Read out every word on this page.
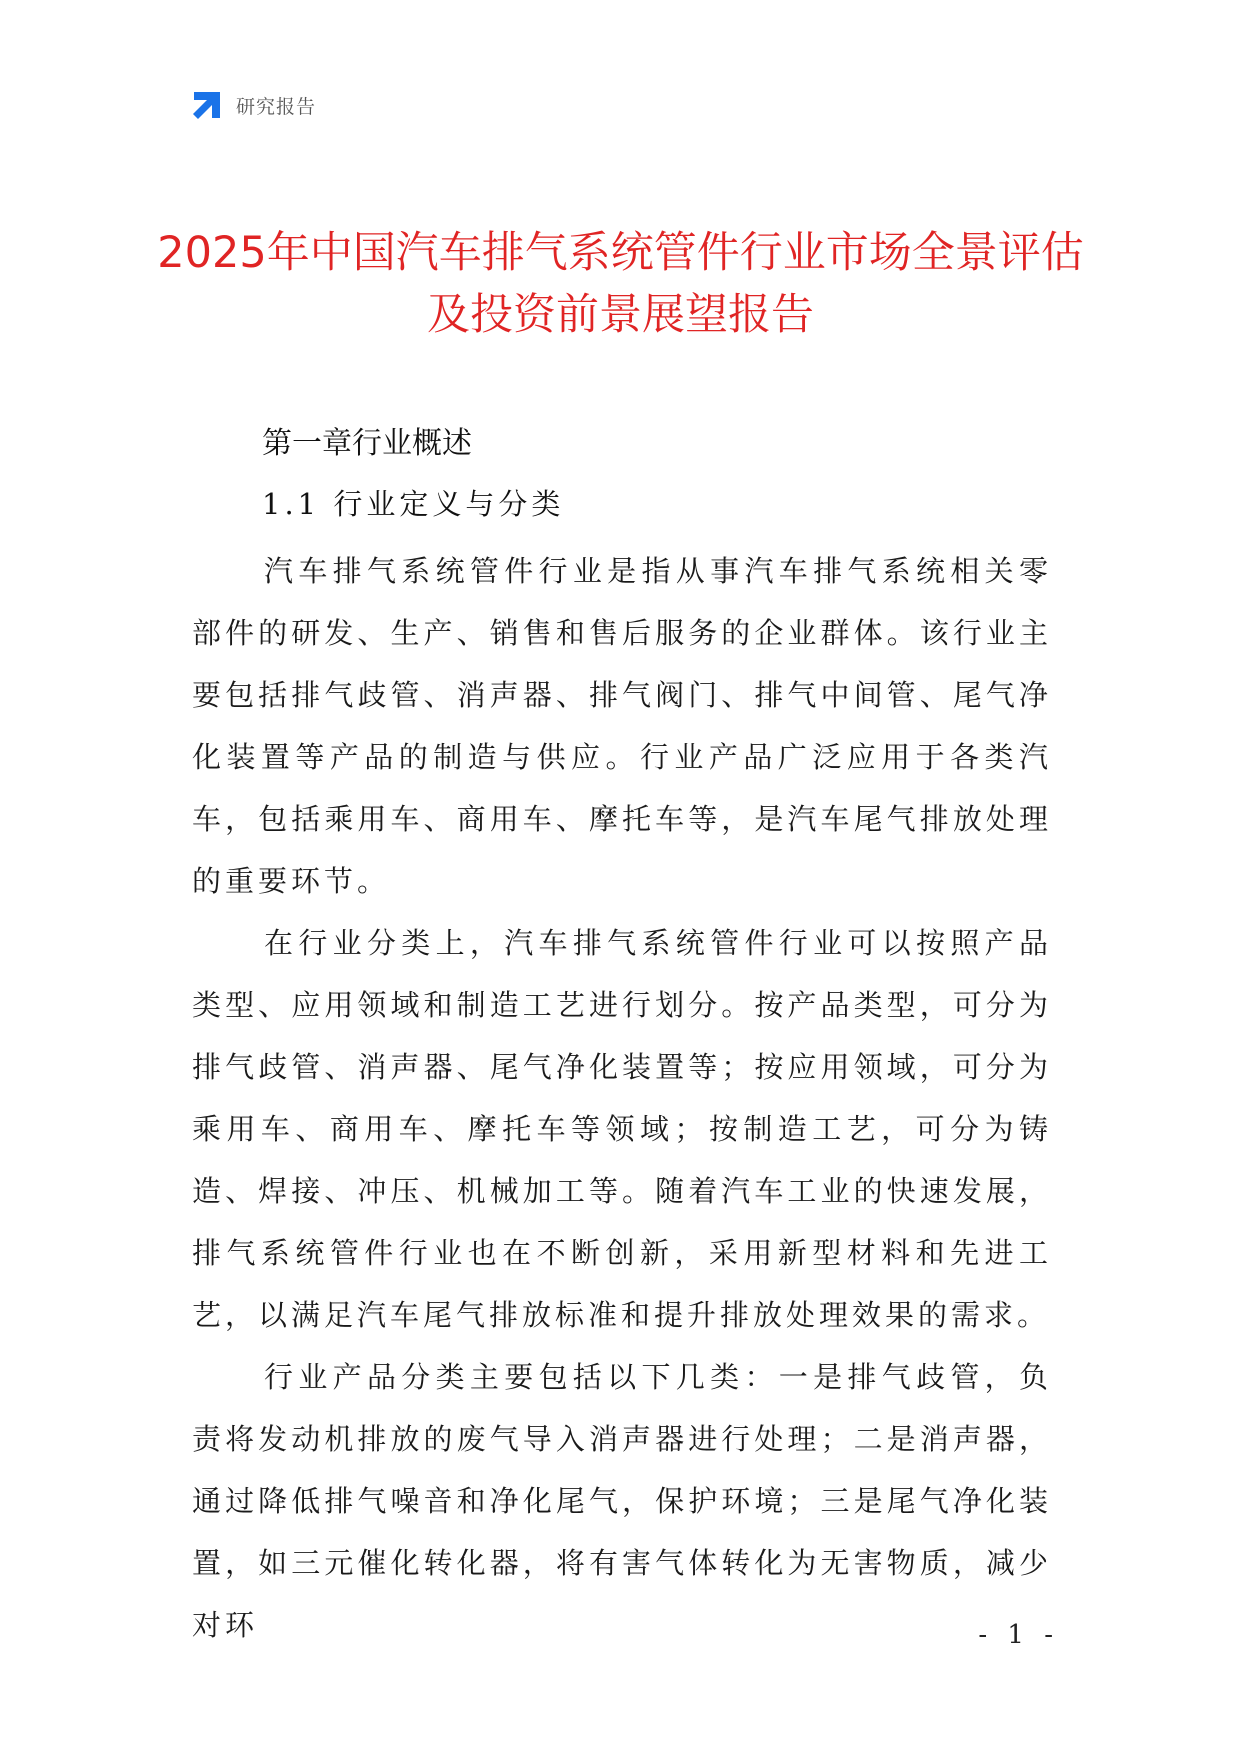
研究报告
2025年中国汽车排气系统管件行业市场全景评估及投资前景展望报告
第一章行业概述
1.1 行业定义与分类

汽车排气系统管件行业是指从事汽车排气系统相关零部件的研发、生产、销售和售后服务的企业群体。该行业主要包括排气歧管、消声器、排气阀门、排气中间管、尾气净化装置等产品的制造与供应。行业产品广泛应用于各类汽车，包括乘用车、商用车、摩托车等，是汽车尾气排放处理的重要环节。

在行业分类上，汽车排气系统管件行业可以按照产品类型、应用领域和制造工艺进行划分。按产品类型，可分为排气歧管、消声器、尾气净化装置等；按应用领域，可分为乘用车、商用车、摩托车等领域；按制造工艺，可分为铸造、焊接、冲压、机械加工等。随着汽车工业的快速发展，排气系统管件行业也在不断创新，采用新型材料和先进工艺，以满足汽车尾气排放标准和提升排放处理效果的需求。

行业产品分类主要包括以下几类：一是排气歧管，负责将发动机排放的废气导入消声器进行处理；二是消声器，通过降低排气噪音和净化尾气，保护环境；三是尾气净化装置，如三元催化转化器，将有害气体转化为无害物质，减少对环	- 1 -
